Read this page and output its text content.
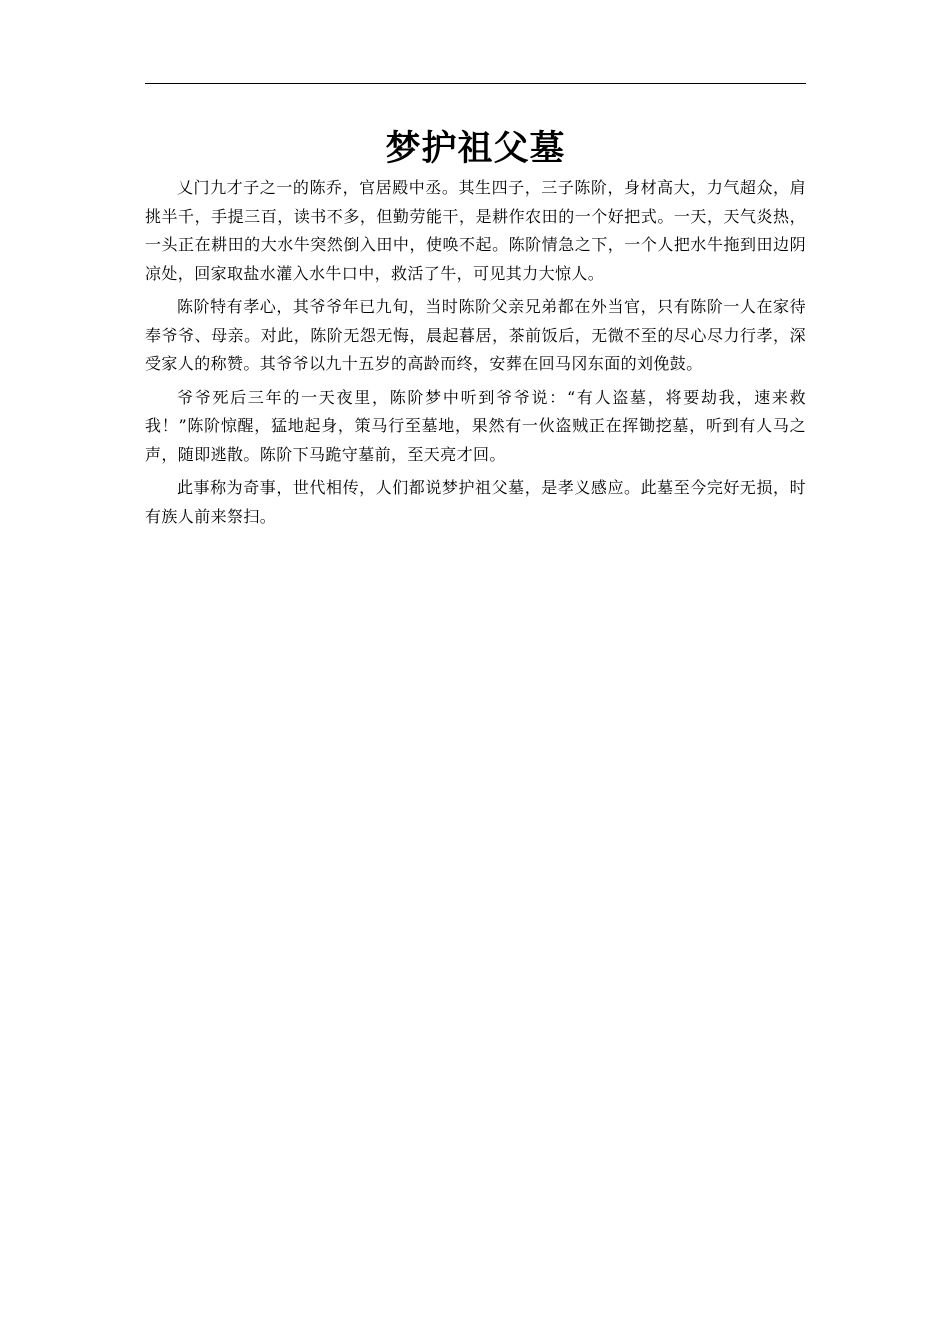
梦护祖父墓

乂门九才子之一的陈乔，官居殿中丞。其生四子，三子陈阶，身材高大，力气超众，肩挑半千，手提三百，读书不多，但勤劳能干，是耕作农田的一个好把式。一天，天气炎热，一头正在耕田的大水牛突然倒入田中，使唤不起。陈阶情急之下，一个人把水牛拖到田边阴凉处，回家取盐水灌入水牛口中，救活了牛，可见其力大惊人。

陈阶特有孝心，其爷爷年已九旬，当时陈阶父亲兄弟都在外当官，只有陈阶一人在家待奉爷爷、母亲。对此，陈阶无怨无悔，晨起暮居，茶前饭后，无微不至的尽心尽力行孝，深受家人的称赞。其爷爷以九十五岁的高龄而终，安葬在回马冈东面的刘俛鼓。

爷爷死后三年的一天夜里，陈阶梦中听到爷爷说：“有人盗墓，将要劫我，速来救我！”陈阶惊醒，猛地起身，策马行至墓地，果然有一伙盗贼正在挥锄挖墓，听到有人马之声，随即逃散。陈阶下马跪守墓前，至天亮才回。

此事称为奇事，世代相传，人们都说梦护祖父墓，是孝义感应。此墓至今完好无损，时有族人前来祭扫。
